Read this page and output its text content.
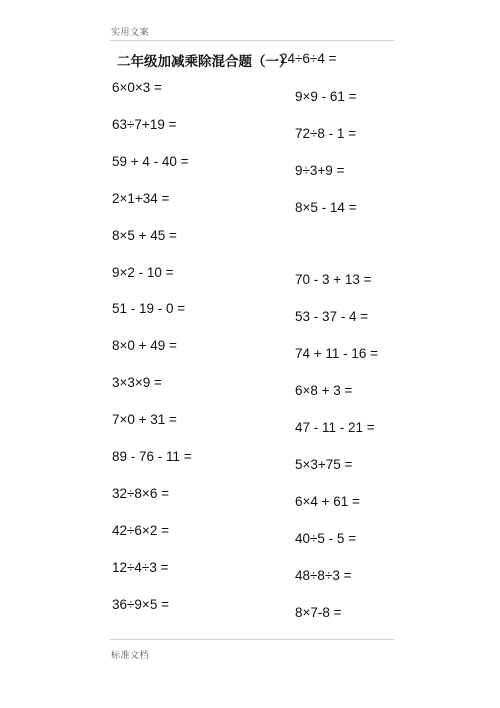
实用文案
二年级加减乘除混合题（一）
6×0×3 =
63÷7+19 =
59 + 4 - 40 =
2×1+34 =
8×5 + 45 =
9×2 - 10 =
51 - 19 - 0 =
8×0 + 49 =
3×3×9 =
7×0 + 31 =
89 - 76 - 11 =
32÷8×6 =
42÷6×2 =
12÷4÷3 =
36÷9×5 =
24÷6÷4 =
9×9 - 61 =
72÷8 - 1 =
9÷3+9 =
8×5 - 14 =
70 - 3 + 13 =
53 - 37 - 4 =
74 + 11 - 16 =
6×8 + 3 =
47 - 11 - 21 =
5×3+75 =
6×4 + 61 =
40÷5 - 5 =
48÷8÷3 =
8×7-8 =
标准文档
